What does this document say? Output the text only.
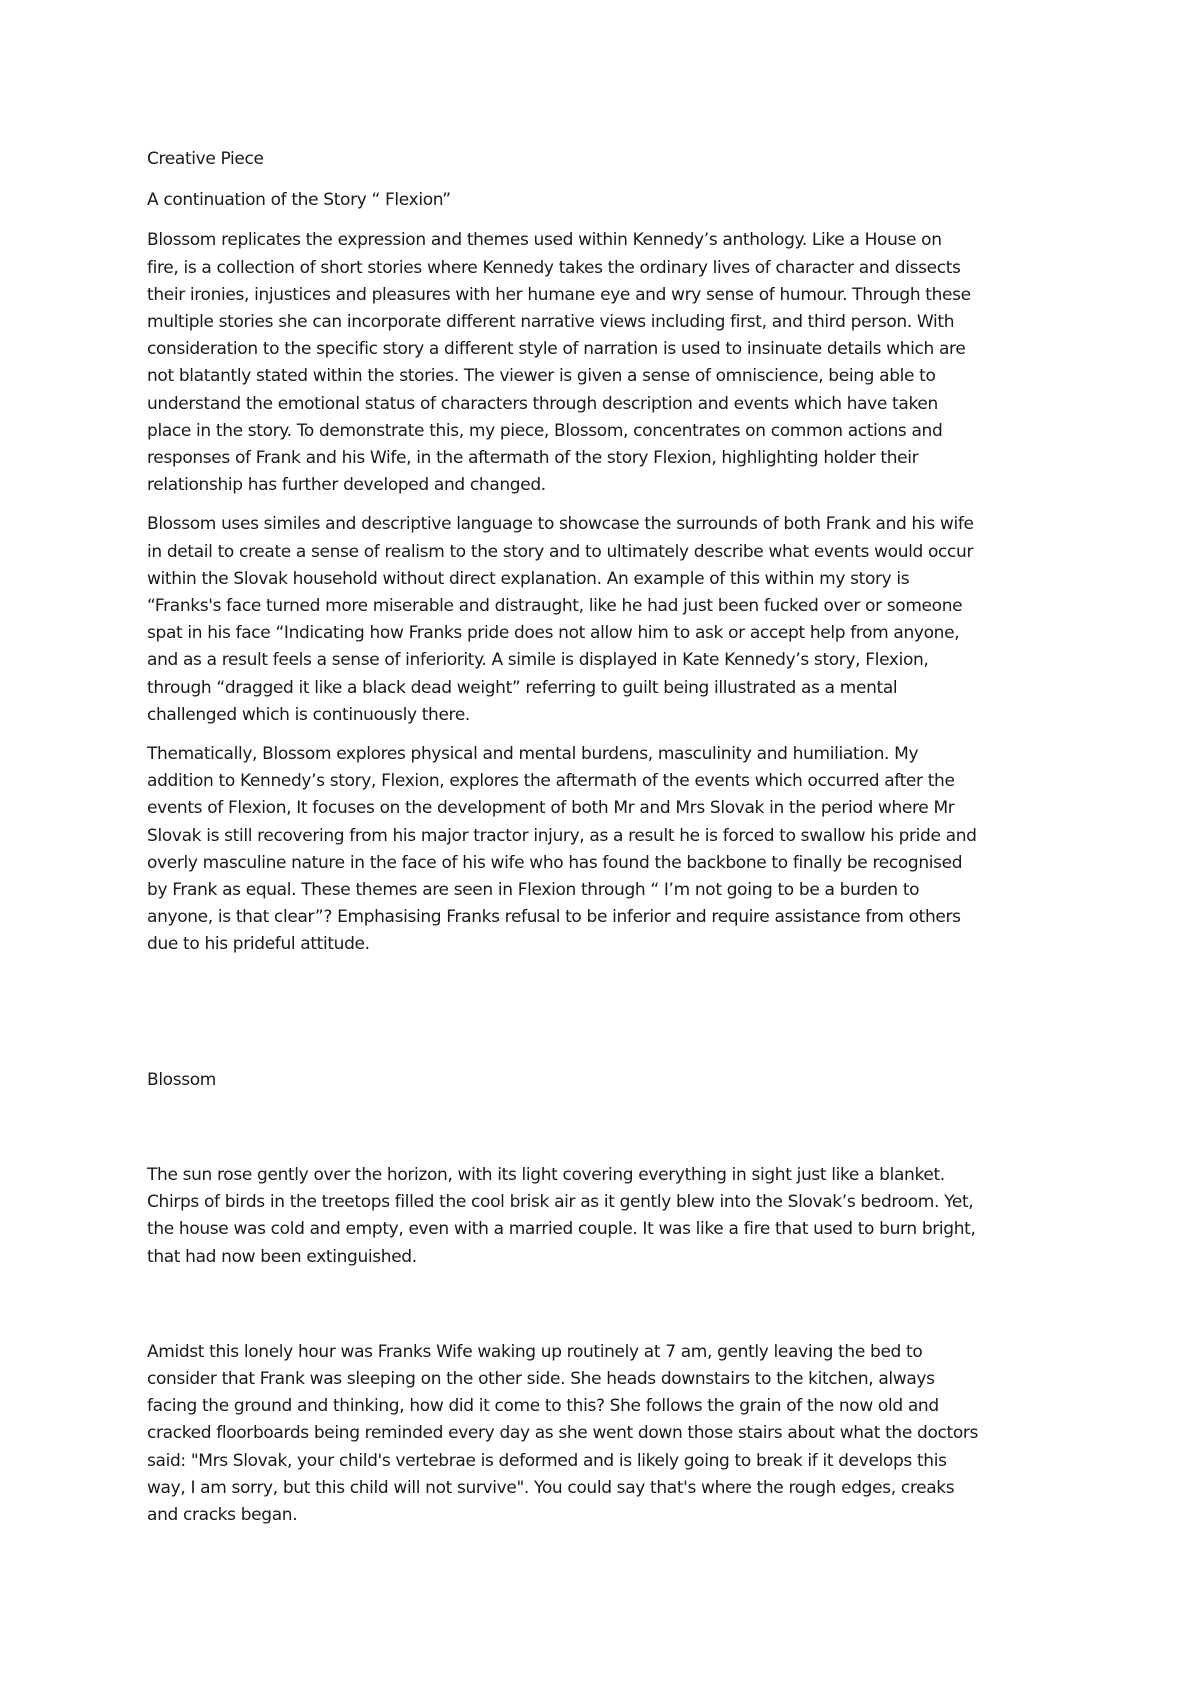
Creative Piece
A continuation of the Story “ Flexion”
Blossom replicates the expression and themes used within Kennedy’s anthology. Like a House on
fire, is a collection of short stories where Kennedy takes the ordinary lives of character and dissects
their ironies, injustices and pleasures with her humane eye and wry sense of humour. Through these
multiple stories she can incorporate different narrative views including first, and third person. With
consideration to the specific story a different style of narration is used to insinuate details which are
not blatantly stated within the stories. The viewer is given a sense of omniscience, being able to
understand the emotional status of characters through description and events which have taken
place in the story. To demonstrate this, my piece, Blossom, concentrates on common actions and
responses of Frank and his Wife, in the aftermath of the story Flexion, highlighting holder their
relationship has further developed and changed.
Blossom uses similes and descriptive language to showcase the surrounds of both Frank and his wife
in detail to create a sense of realism to the story and to ultimately describe what events would occur
within the Slovak household without direct explanation. An example of this within my story is
“Franks's face turned more miserable and distraught, like he had just been fucked over or someone
spat in his face “Indicating how Franks pride does not allow him to ask or accept help from anyone,
and as a result feels a sense of inferiority. A simile is displayed in Kate Kennedy’s story, Flexion,
through “dragged it like a black dead weight” referring to guilt being illustrated as a mental
challenged which is continuously there.
Thematically, Blossom explores physical and mental burdens, masculinity and humiliation. My
addition to Kennedy’s story, Flexion, explores the aftermath of the events which occurred after the
events of Flexion, It focuses on the development of both Mr and Mrs Slovak in the period where Mr
Slovak is still recovering from his major tractor injury, as a result he is forced to swallow his pride and
overly masculine nature in the face of his wife who has found the backbone to finally be recognised
by Frank as equal. These themes are seen in Flexion through “ I’m not going to be a burden to
anyone, is that clear”? Emphasising Franks refusal to be inferior and require assistance from others
due to his prideful attitude.
Blossom
The sun rose gently over the horizon, with its light covering everything in sight just like a blanket.
Chirps of birds in the treetops filled the cool brisk air as it gently blew into the Slovak’s bedroom. Yet,
the house was cold and empty, even with a married couple. It was like a fire that used to burn bright,
that had now been extinguished.
Amidst this lonely hour was Franks Wife waking up routinely at 7 am, gently leaving the bed to
consider that Frank was sleeping on the other side. She heads downstairs to the kitchen, always
facing the ground and thinking, how did it come to this? She follows the grain of the now old and
cracked floorboards being reminded every day as she went down those stairs about what the doctors
said: "Mrs Slovak, your child's vertebrae is deformed and is likely going to break if it develops this
way, I am sorry, but this child will not survive". You could say that's where the rough edges, creaks
and cracks began.
